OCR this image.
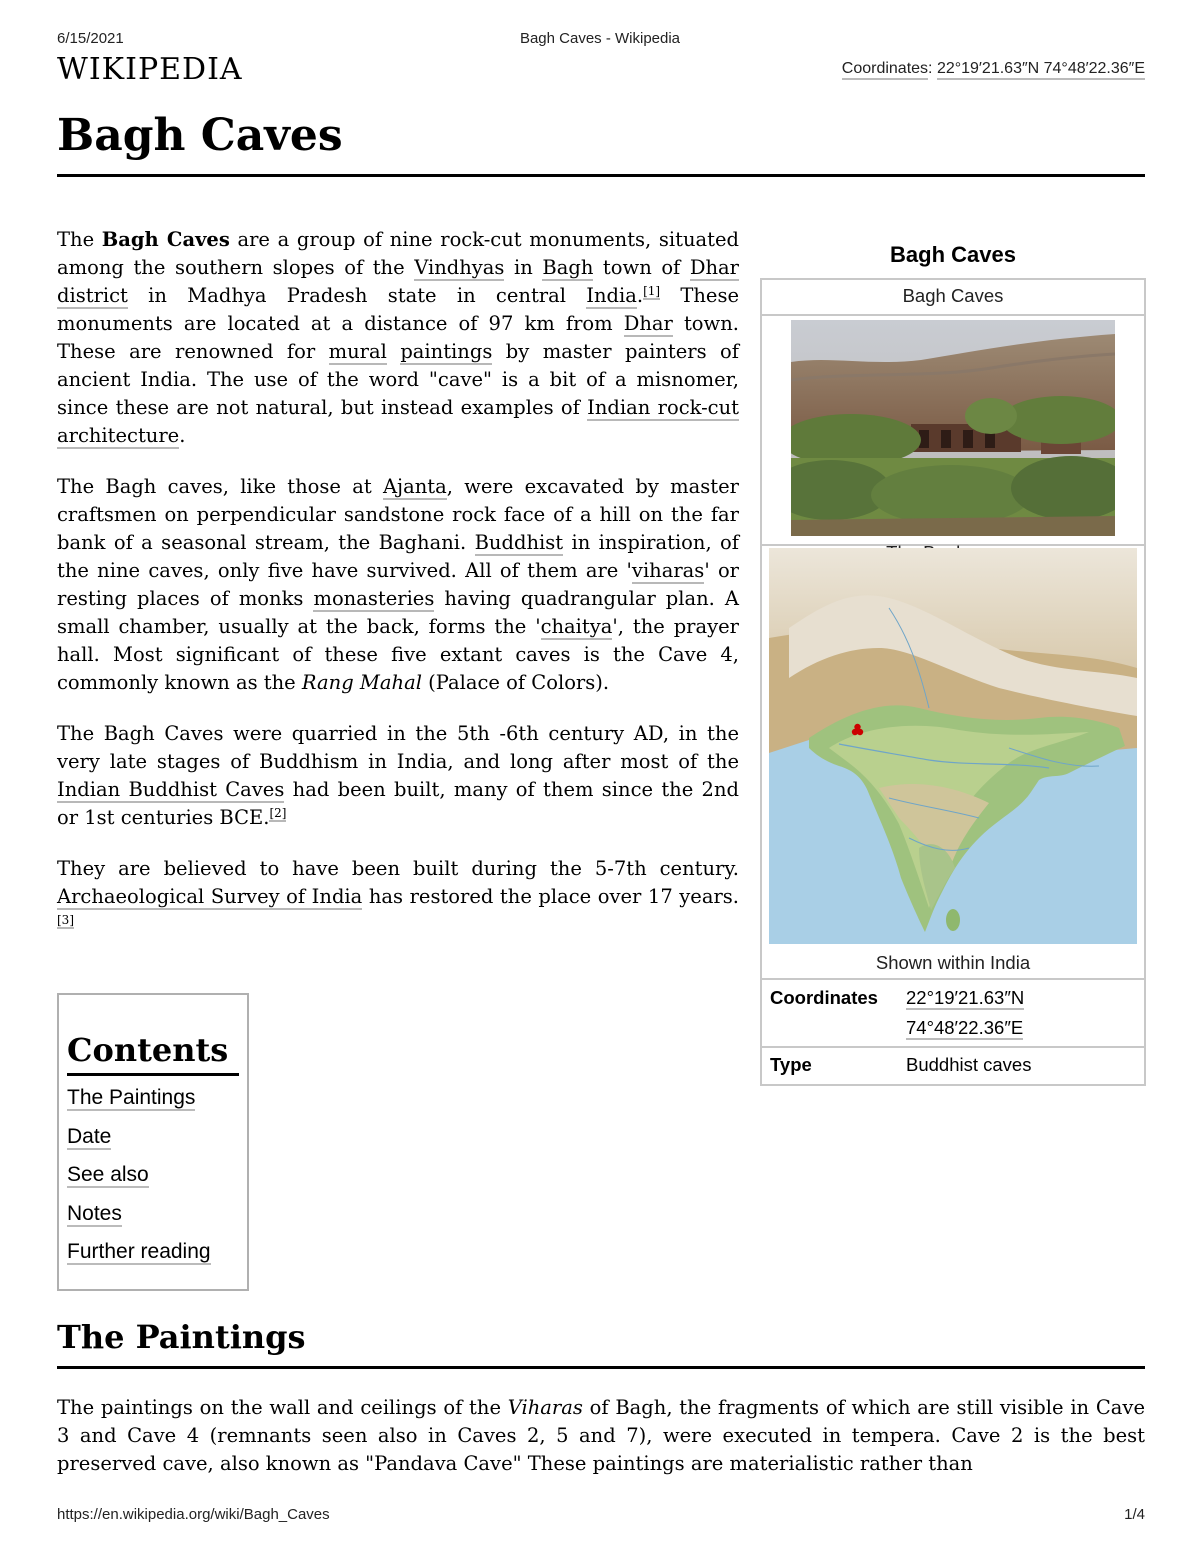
6/15/2021	Bagh Caves - Wikipedia
WIKIPEDIA	Coordinates: 22°19′21.63″N 74°48′22.36″E
Bagh Caves

The Bagh Caves are a group of nine rock-cut monuments, situated among the southern slopes of the Vindhyas in Bagh town of Dhar district in Madhya Pradesh state in central India.[1] These monuments are located at a distance of 97 km from Dhar town. These are renowned for mural paintings by master painters of ancient India. The use of the word "cave" is a bit of a misnomer, since these are not natural, but instead examples of Indian rock-cut architecture.

The Bagh caves, like those at Ajanta, were excavated by master craftsmen on perpendicular sandstone rock face of a hill on the far bank of a seasonal stream, the Baghani. Buddhist in inspiration, of the nine caves, only five have survived. All of them are 'viharas' or resting places of monks monasteries having quadrangular plan. A small chamber, usually at the back, forms the 'chaitya', the prayer hall. Most significant of these five extant caves is the Cave 4, commonly known as the Rang Mahal (Palace of Colors).

The Bagh Caves were quarried in the 5th -6th century AD, in the very late stages of Buddhism in India, and long after most of the Indian Buddhist Caves had been built, many of them since the 2nd or 1st centuries BCE.[2]

They are believed to have been built during the 5-7th century. Archaeological Survey of India has restored the place over 17 years.[3]

Bagh Caves
Bagh Caves
Shown within India
Coordinates	22°19′21.63″N
74°48′22.36″E
Type	Buddhist caves
Contents
The Paintings
Date
See also
Notes
Further reading
The Paintings

The paintings on the wall and ceilings of the Viharas of Bagh, the fragments of which are still visible in Cave 3 and Cave 4 (remnants seen also in Caves 2, 5 and 7), were executed in tempera. Cave 2 is the best preserved cave, also known as "Pandava Cave" These paintings are materialistic rather than

https://en.wikipedia.org/wiki/Bagh_Caves	1/4
